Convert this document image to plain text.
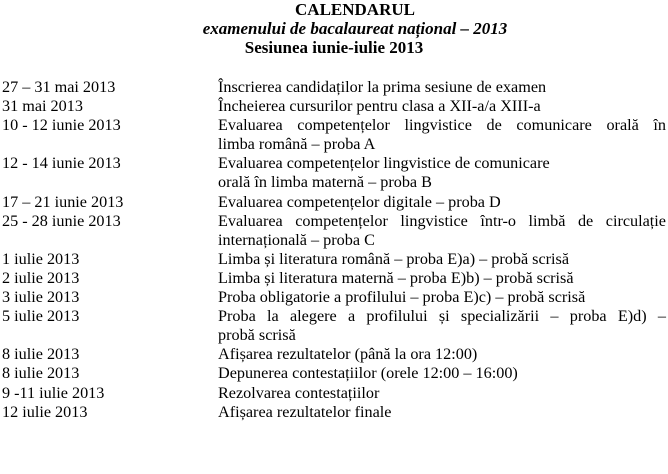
CALENDARUL
examenului de bacalaureat național – 2013
Sesiunea iunie-iulie 2013
27 – 31 mai 2013	Înscrierea candidaților la prima sesiune de examen
31 mai 2013	Încheierea cursurilor pentru clasa a XII-a/a XIII-a
10 - 12 iunie 2013	Evaluarea competențelor lingvistice de comunicare orală în
limba română – proba A
12 - 14 iunie 2013	Evaluarea competențelor lingvistice de comunicare
orală în limba maternă – proba B
17 – 21 iunie 2013	Evaluarea competențelor digitale – proba D
25 - 28 iunie 2013	Evaluarea competențelor lingvistice într-o limbă de circulație
internațională – proba C
1 iulie 2013	Limba și literatura română – proba E)a) – probă scrisă
2 iulie 2013	Limba și literatura maternă – proba E)b) – probă scrisă
3 iulie 2013	Proba obligatorie a profilului – proba E)c) – probă scrisă
5 iulie 2013	Proba la alegere a profilului și specializării – proba E)d) –
probă scrisă
8 iulie 2013	Afișarea rezultatelor (până la ora 12:00)
8 iulie 2013	Depunerea contestațiilor (orele 12:00 – 16:00)
9 -11 iulie 2013	Rezolvarea contestațiilor
12 iulie 2013	Afișarea rezultatelor finale
